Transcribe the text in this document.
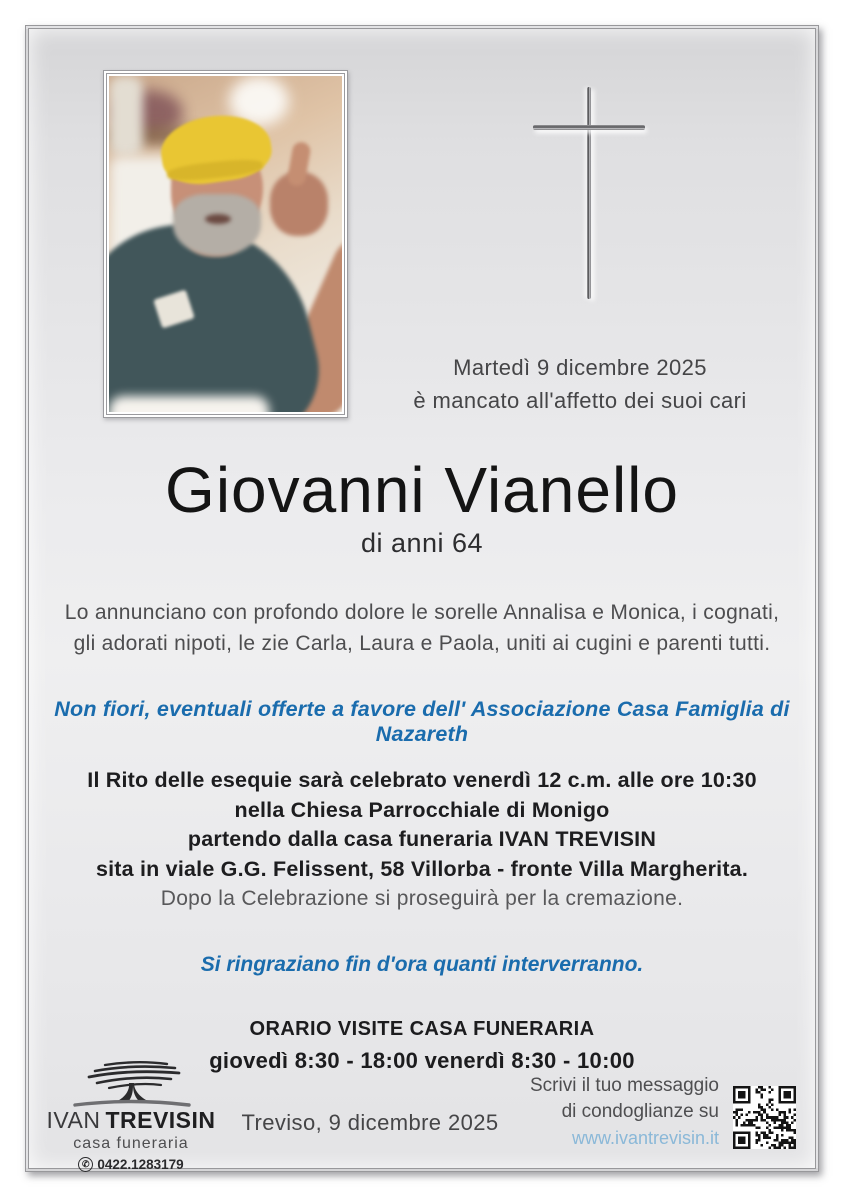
Martedì 9 dicembre 2025
è mancato all'affetto dei suoi cari
Giovanni Vianello
di anni 64
Lo annunciano con profondo dolore le sorelle Annalisa e Monica, i cognati,
gli adorati nipoti, le zie Carla, Laura e Paola, uniti ai cugini e parenti tutti.
Non fiori, eventuali offerte a favore dell' Associazione Casa Famiglia di Nazareth
Il Rito delle esequie sarà celebrato venerdì 12 c.m. alle ore 10:30
nella Chiesa Parrocchiale di Monigo
partendo dalla casa funeraria IVAN TREVISIN
sita in viale G.G. Felissent, 58 Villorba - fronte Villa Margherita.
Dopo la Celebrazione si proseguirà per la cremazione.
Si ringraziano fin d'ora quanti interverranno.
ORARIO VISITE CASA FUNERARIA
giovedì 8:30 - 18:00 venerdì 8:30 - 10:00
IVAN TREVISIN
casa funeraria
✆ 0422.1283179
Treviso, 9 dicembre 2025
Scrivi il tuo messaggio
di condoglianze su
www.ivantrevisin.it
